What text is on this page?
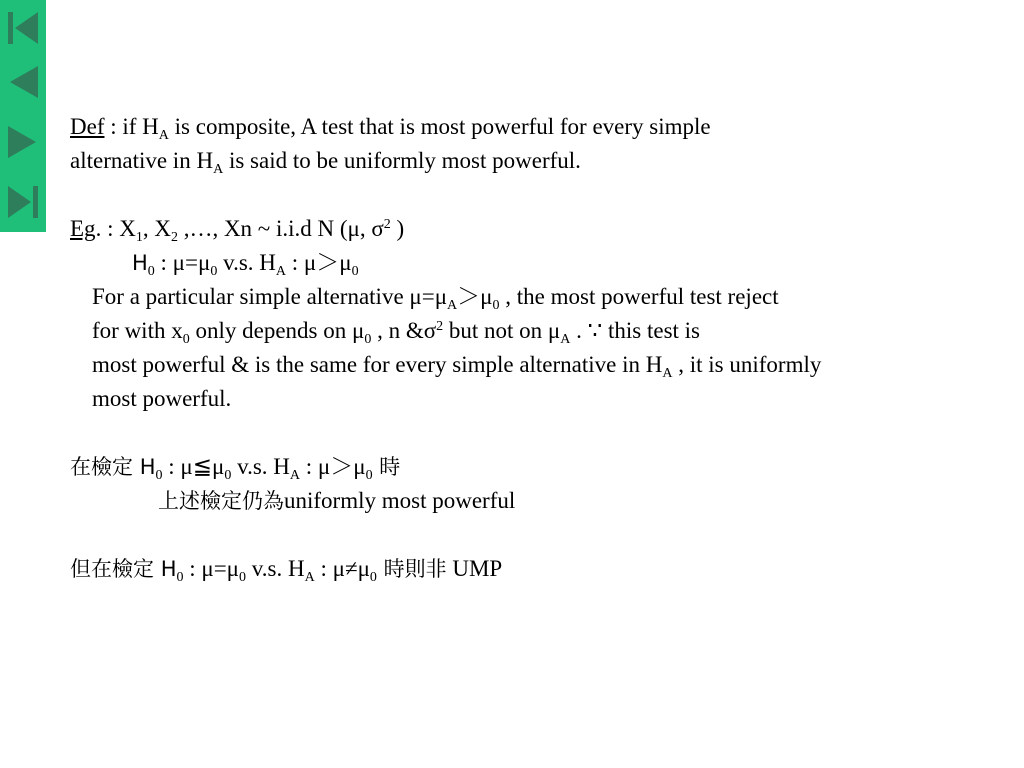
Def : if $H_A$ is composite, A test that is most powerful for every simple
alternative in $H_A$ is said to be uniformly most powerful.
Eg. : $X_1$, $X_2$ ,…, Xn ~ i.i.d N (μ, $\sigma^2$ )
$H_0$ : $\mu=\mu_0$ v.s. $H_A$ : $\mu>\mu_0$
For a particular simple alternative $\mu=\mu_A>\mu_0$ , the most powerful test reject
for with $x_0$ only depends on $\mu_0$ , n $\&\sigma^2$ but not on $\mu_A$ . ∵ this test is
most powerful & is the same for every simple alternative in $H_A$ , it is uniformly
most powerful.
在檢定 $H_0$ : $\mu≦\mu_0$ v.s. $H_A$ : $\mu>\mu_0$ 時
上述檢定仍為uniformly most powerful
但在檢定 $H_0$ : $\mu=\mu_0$ v.s. $H_A$ : $\mu\ne\mu_0$ 時則非 UMP
